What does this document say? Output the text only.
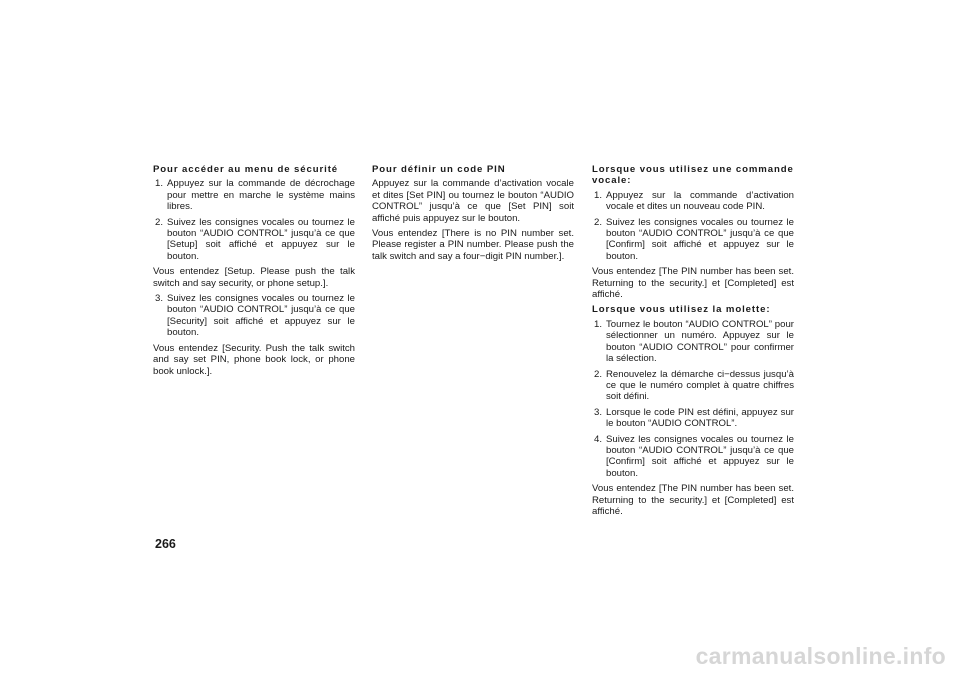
Pour accéder au menu de sécurité
1. Appuyez sur la commande de décrochage pour mettre en marche le système mains libres.
2. Suivez les consignes vocales ou tournez le bouton “AUDIO CONTROL” jusqu’à ce que [Setup] soit affiché et appuyez sur le bouton.

Vous entendez [Setup. Please push the talk switch and say security, or phone setup.].

3. Suivez les consignes vocales ou tournez le bouton “AUDIO CONTROL” jusqu’à ce que [Security] soit affiché et appuyez sur le bouton.

Vous entendez [Security. Push the talk switch and say set PIN, phone book lock, or phone book unlock.].

Pour définir un code PIN

Appuyez sur la commande d’activation vocale et dites [Set PIN] ou tournez le bouton “AUDIO CONTROL” jusqu’à ce que [Set PIN] soit affiché puis appuyez sur le bouton.

Vous entendez [There is no PIN number set. Please register a PIN number. Please push the talk switch and say a four−digit PIN number.].

Lorsque vous utilisez une commande vocale:
1. Appuyez sur la commande d’activation vocale et dites un nouveau code PIN.
2. Suivez les consignes vocales ou tournez le bouton “AUDIO CONTROL” jusqu’à ce que [Confirm] soit affiché et appuyez sur le bouton.

Vous entendez [The PIN number has been set. Returning to the security.] et [Completed] est affiché.

Lorsque vous utilisez la molette:
1. Tournez le bouton “AUDIO CONTROL” pour sélectionner un numéro. Appuyez sur le bouton “AUDIO CONTROL” pour confirmer la sélection.
2. Renouvelez la démarche ci−dessus jusqu’à ce que le numéro complet à quatre chiffres soit défini.
3. Lorsque le code PIN est défini, appuyez sur le bouton “AUDIO CONTROL”.
4. Suivez les consignes vocales ou tournez le bouton “AUDIO CONTROL” jusqu’à ce que [Confirm] soit affiché et appuyez sur le bouton.

Vous entendez [The PIN number has been set. Returning to the security.] et [Completed] est affiché.

266
carmanualsonline.info
